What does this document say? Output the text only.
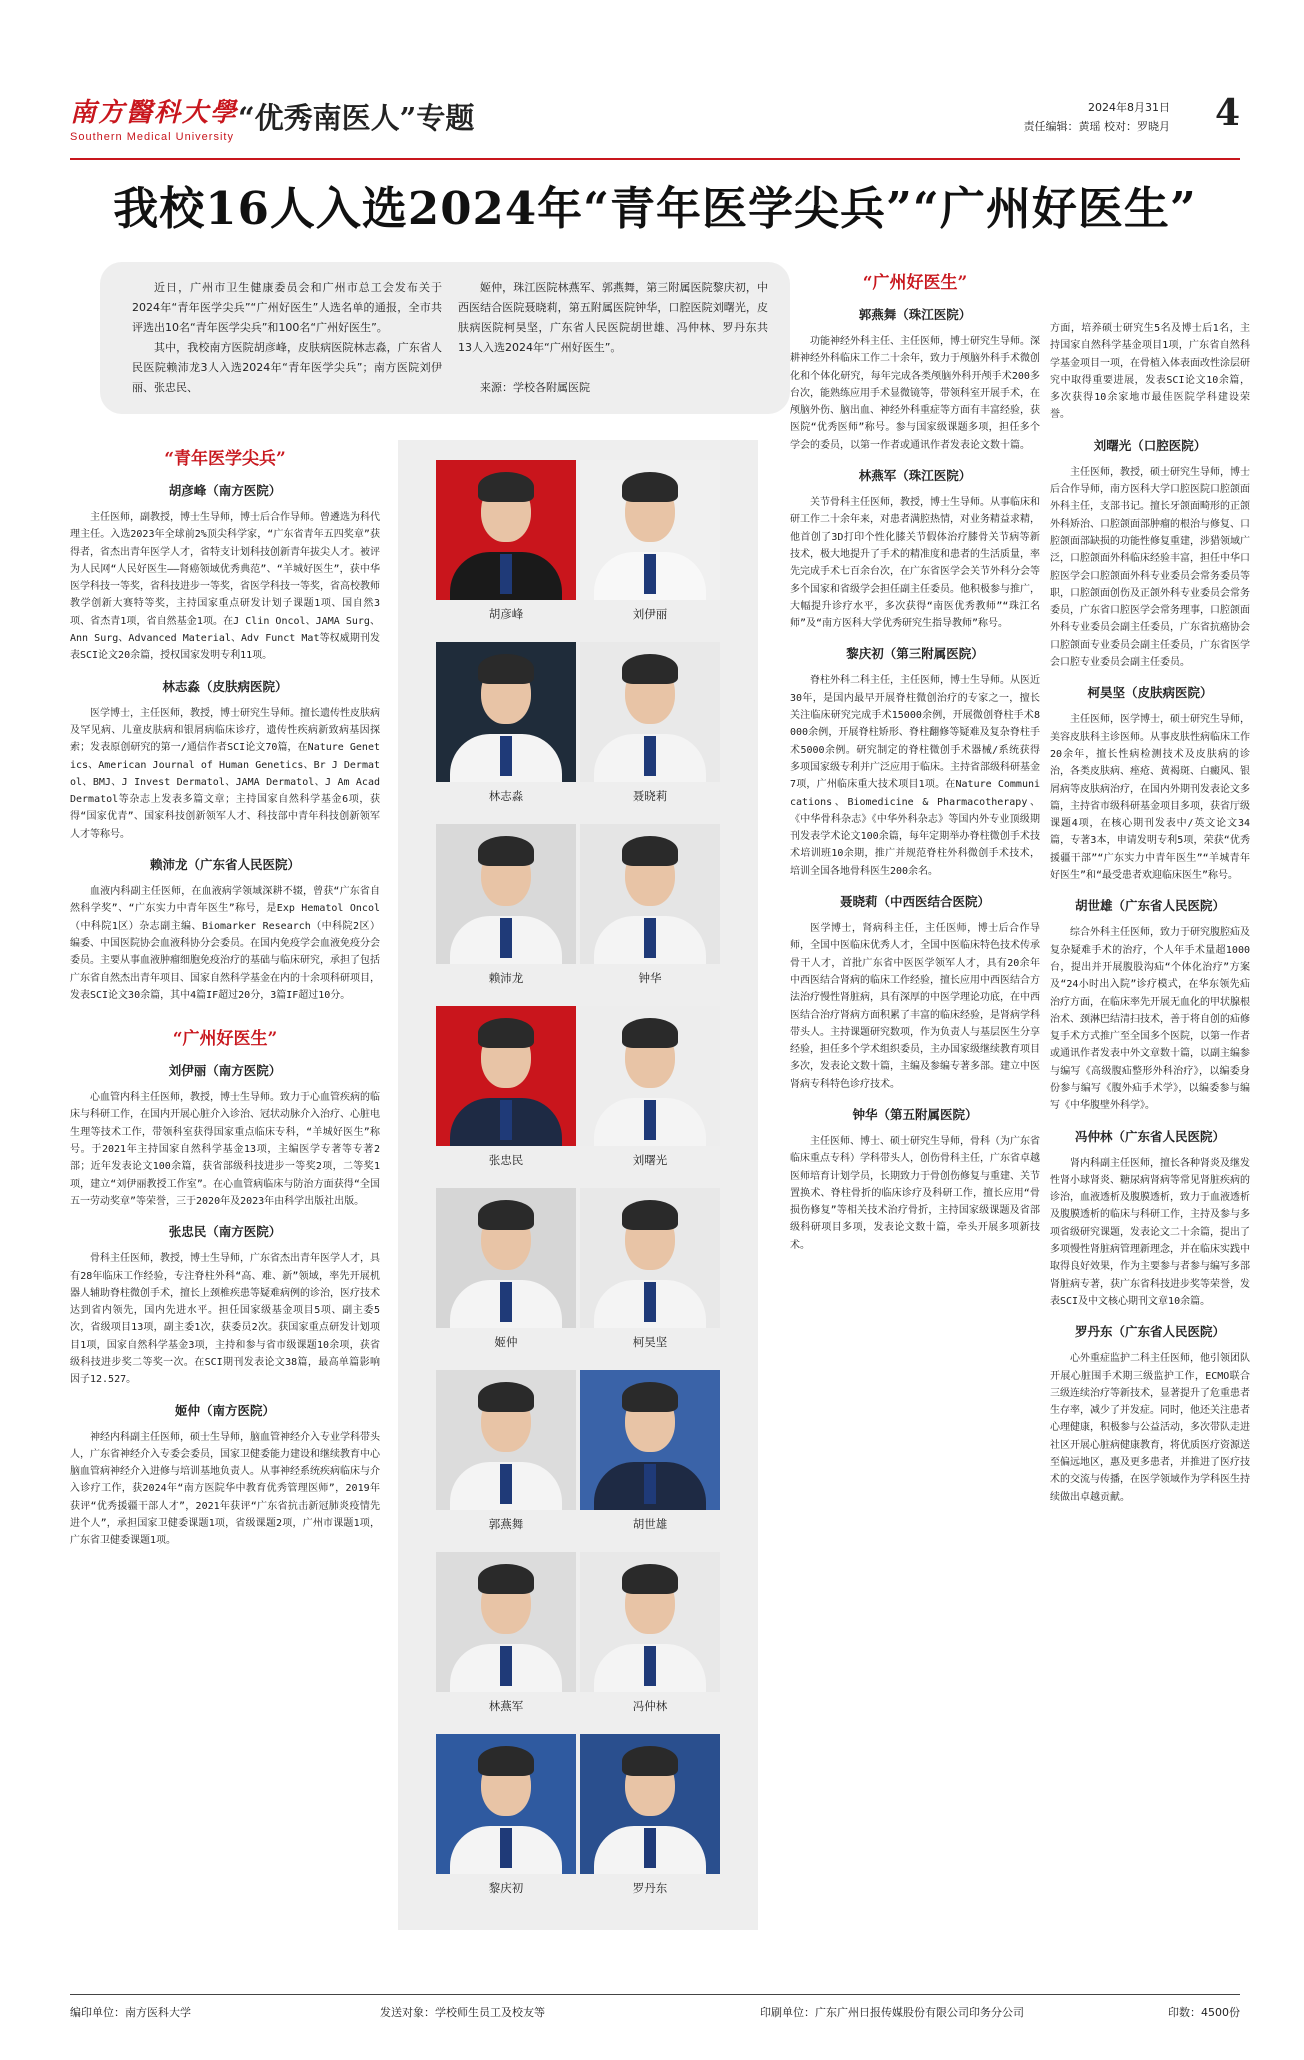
南方醫科大學
Southern Medical University
“优秀南医人”专题	2024年8月31日
责任编辑：黄瑶 校对：罗晓月 4
我校16人入选2024年“青年医学尖兵”“广州好医生”

近日，广州市卫生健康委员会和广州市总工会发布关于2024年“青年医学尖兵”“广州好医生”人选名单的通报，全市共评选出10名“青年医学尖兵”和100名“广州好医生”。

其中，我校南方医院胡彦峰，皮肤病医院林志淼，广东省人民医院赖沛龙3人入选2024年“青年医学尖兵”；南方医院刘伊丽、张忠民、

姬仲，珠江医院林燕军、郭燕舞，第三附属医院黎庆初，中西医结合医院聂晓莉，第五附属医院钟华，口腔医院刘曙光，皮肤病医院柯昊坚，广东省人民医院胡世雄、冯仲林、罗丹东共13人入选2024年“广州好医生”。

来源：学校各附属医院

“青年医学尖兵”
胡彦峰（南方医院）

主任医师，副教授，博士生导师，博士后合作导师。曾遴选为科代理主任。入选2023年全球前2%顶尖科学家，“广东省青年五四奖章”获得者，省杰出青年医学人才，省特支计划科技创新青年拔尖人才。被评为人民网“人民好医生——肾癌领域优秀典范”、“羊城好医生”，获中华医学科技一等奖，省科技进步一等奖，省医学科技一等奖，省高校教师教学创新大赛特等奖，主持国家重点研发计划子课题1项、国自然3项、省杰青1项，省自然基金1项。在J Clin Oncol、JAMA Surg、Ann Surg、Advanced Material、Adv Funct Mat等权威期刊发表SCI论文20余篇，授权国家发明专利11项。

林志淼（皮肤病医院）

医学博士，主任医师，教授，博士研究生导师。擅长遗传性皮肤病及罕见病、儿童皮肤病和银屑病临床诊疗，遗传性疾病新致病基因探索；发表原创研究的第一/通信作者SCI论文70篇，在Nature Genetics、American Journal of Human Genetics、Br J Dermatol、BMJ、J Invest Dermatol、JAMA Dermatol、J Am Acad Dermatol等杂志上发表多篇文章；主持国家自然科学基金6项，获得“国家优青”、国家科技创新领军人才、科技部中青年科技创新领军人才等称号。

赖沛龙（广东省人民医院）

血液内科副主任医师，在血液病学领域深耕不辍，曾获“广东省自然科学奖”、“广东实力中青年医生”称号，是Exp Hematol Oncol（中科院1区）杂志副主编、Biomarker Research（中科院2区）编委、中国医院协会血液科协分会委员。在国内免疫学会血液免疫分会委员。主要从事血液肿瘤细胞免疫治疗的基础与临床研究，承担了包括广东省自然杰出青年项目、国家自然科学基金在内的十余项科研项目，发表SCI论文30余篇，其中4篇IF超过20分，3篇IF超过10分。

“广州好医生”
刘伊丽（南方医院）

心血管内科主任医师，教授，博士生导师。致力于心血管疾病的临床与科研工作，在国内开展心脏介入诊治、冠状动脉介入治疗、心脏电生理等技术工作，带领科室获得国家重点临床专科，“羊城好医生”称号。于2021年主持国家自然科学基金13项，主编医学专著等专著2部；近年发表论文100余篇，获省部级科技进步一等奖2项，二等奖1项，建立“刘伊丽教授工作室”。在心血管病临床与防治方面获得“全国五一劳动奖章”等荣誉，三于2020年及2023年由科学出版社出版。

张忠民（南方医院）

骨科主任医师，教授，博士生导师，广东省杰出青年医学人才，具有28年临床工作经验，专注脊柱外科“高、难、新”领域，率先开展机器人辅助脊柱微创手术，擅长上颈椎疾患等疑难病例的诊治，医疗技术达到省内领先，国内先进水平。担任国家级基金项目5项、副主委5次，省级项目13项，副主委1次，获委员2次。获国家重点研发计划项目1项，国家自然科学基金3项，主持和参与省市级课题10余项，获省级科技进步奖二等奖一次。在SCI期刊发表论文38篇，最高单篇影响因子12.527。

姬仲（南方医院）

神经内科副主任医师，硕士生导师，脑血管神经介入专业学科带头人，广东省神经介入专委会委员，国家卫健委能力建设和继续教育中心脑血管病神经介入进修与培训基地负责人。从事神经系统疾病临床与介入诊疗工作，获2024年“南方医院华中教育优秀管理医师”，2019年获评“优秀援疆干部人才”，2021年获评“广东省抗击新冠肺炎疫情先进个人”，承担国家卫健委课题1项，省级课题2项，广州市课题1项，广东省卫健委课题1项。

胡彦峰	刘伊丽
林志淼	聂晓莉
赖沛龙	钟华
张忠民	刘曙光
姬仲	柯昊坚
郭燕舞	胡世雄
林燕军	冯仲林
黎庆初	罗丹东
“广州好医生”
郭燕舞（珠江医院）

功能神经外科主任、主任医师，博士研究生导师。深耕神经外科临床工作二十余年，致力于颅脑外科手术微创化和个体化研究，每年完成各类颅脑外科开颅手术200多台次，能熟练应用手术显微镜等，带领科室开展手术，在颅脑外伤、脑出血、神经外科重症等方面有丰富经验，获医院“优秀医师”称号。参与国家级课题多项，担任多个学会的委员，以第一作者或通讯作者发表论文数十篇。

林燕军（珠江医院）

关节骨科主任医师，教授，博士生导师。从事临床和研工作二十余年来，对患者满腔热情，对业务精益求精，他首创了3D打印个性化膝关节假体治疗膝骨关节病等新技术，极大地提升了手术的精准度和患者的生活质量，率先完成手术七百余台次，在广东省医学会关节外科分会等多个国家和省级学会担任副主任委员。他积极参与推广，大幅提升诊疗水平，多次获得“南医优秀教师”“珠江名师”及“南方医科大学优秀研究生指导教师”称号。

黎庆初（第三附属医院）

脊柱外科二科主任，主任医师，博士生导师。从医近30年，是国内最早开展脊柱微创治疗的专家之一，擅长关注临床研究完成手术15000余例，开展微创脊柱手术8000余例，开展脊柱矫形、脊柱翻修等疑难及复杂脊柱手术5000余例。研究制定的脊柱微创手术器械/系统获得多项国家级专利并广泛应用于临床。主持省部级科研基金7项，广州临床重大技术项目1项。在Nature Communications、Biomedicine & Pharmacotherapy、《中华骨科杂志》《中华外科杂志》等国内外专业顶级期刊发表学术论文100余篇，每年定期举办脊柱微创手术技术培训班10余期，推广并规范脊柱外科微创手术技术，培训全国各地骨科医生200余名。

聂晓莉（中西医结合医院）

医学博士，肾病科主任，主任医师，博士后合作导师，全国中医临床优秀人才，全国中医临床特色技术传承骨干人才，首批广东省中医医学领军人才，具有20余年中西医结合肾病的临床工作经验，擅长应用中西医结合方法治疗慢性肾脏病，具有深厚的中医学理论功底，在中西医结合治疗肾病方面积累了丰富的临床经验，是肾病学科带头人。主持课题研究数项，作为负责人与基层医生分享经验，担任多个学术组织委员，主办国家级继续教育项目多次，发表论文数十篇，主编及参编专著多部。建立中医肾病专科特色诊疗技术。

钟华（第五附属医院）

主任医师、博士、硕士研究生导师，骨科（为广东省临床重点专科）学科带头人，创伤骨科主任，广东省卓越医师培育计划学员，长期致力于骨创伤修复与重建、关节置换术、脊柱骨折的临床诊疗及科研工作，擅长应用“骨损伤修复”等相关技术治疗骨折，主持国家级课题及省部级科研项目多项，发表论文数十篇，牵头开展多项新技术。

方面，培养硕士研究生5名及博士后1名，主持国家自然科学基金项目1项，广东省自然科学基金项目一项，在骨植入体表面改性涂层研究中取得重要进展，发表SCI论文10余篇，多次获得10余家地市最佳医院学科建设荣誉。

刘曙光（口腔医院）

主任医师，教授，硕士研究生导师，博士后合作导师，南方医科大学口腔医院口腔颌面外科主任，支部书记。擅长牙颌面畸形的正颌外科矫治、口腔颌面部肿瘤的根治与修复、口腔颌面部缺损的功能性修复重建，涉猎领域广泛，口腔颌面外科临床经验丰富，担任中华口腔医学会口腔颌面外科专业委员会常务委员等职，口腔颌面创伤及正颌外科专业委员会常务委员，广东省口腔医学会常务理事，口腔颌面外科专业委员会副主任委员，广东省抗癌协会口腔颌面专业委员会副主任委员，广东省医学会口腔专业委员会副主任委员。

柯昊坚（皮肤病医院）

主任医师，医学博士，硕士研究生导师，美容皮肤科主诊医师。从事皮肤性病临床工作20余年，擅长性病检测技术及皮肤病的诊治，各类皮肤病、痤疮、黄褐斑、白癜风、银屑病等皮肤病治疗，在国内外期刊发表论文多篇，主持省市级科研基金项目多项，获省厅级课题4项，在核心期刊发表中/英文论文34篇，专著3本，申请发明专利5项，荣获“优秀援疆干部”“广东实力中青年医生”“羊城青年好医生”和“最受患者欢迎临床医生”称号。

胡世雄（广东省人民医院）

综合外科主任医师，致力于研究腹腔疝及复杂疑难手术的治疗，个人年手术量超1000台，提出并开展腹股沟疝“个体化治疗”方案及“24小时出入院”诊疗模式，在华东领先疝治疗方面，在临床率先开展无血化的甲状腺根治术、颈淋巴结清扫技术，善于将自创的疝修复手术方式推广至全国多个医院，以第一作者或通讯作者发表中外文章数十篇，以副主编参与编写《高级腹疝整形外科治疗》，以编委身份参与编写《腹外疝手术学》，以编委参与编写《中华腹壁外科学》。

冯仲林（广东省人民医院）

肾内科副主任医师，擅长各种肾炎及继发性肾小球肾炎、糖尿病肾病等常见肾脏疾病的诊治，血液透析及腹膜透析，致力于血液透析及腹膜透析的临床与科研工作，主持及参与多项省级研究课题，发表论文二十余篇，提出了多项慢性肾脏病管理新理念，并在临床实践中取得良好效果，作为主要参与者参与编写多部肾脏病专著，获广东省科技进步奖等荣誉，发表SCI及中文核心期刊文章10余篇。

罗丹东（广东省人民医院）

心外重症监护二科主任医师，他引领团队开展心脏围手术期三级监护工作，ECMO联合三级连续治疗等新技术，显著提升了危重患者生存率，减少了并发症。同时，他还关注患者心理健康，积极参与公益活动，多次带队走进社区开展心脏病健康教育，将优质医疗资源送至偏远地区，惠及更多患者，并推进了医疗技术的交流与传播，在医学领域作为学科医生持续做出卓越贡献。

编印单位：南方医科大学	发送对象：学校师生员工及校友等	印刷单位：广东广州日报传媒股份有限公司印务分公司	印数：4500份
